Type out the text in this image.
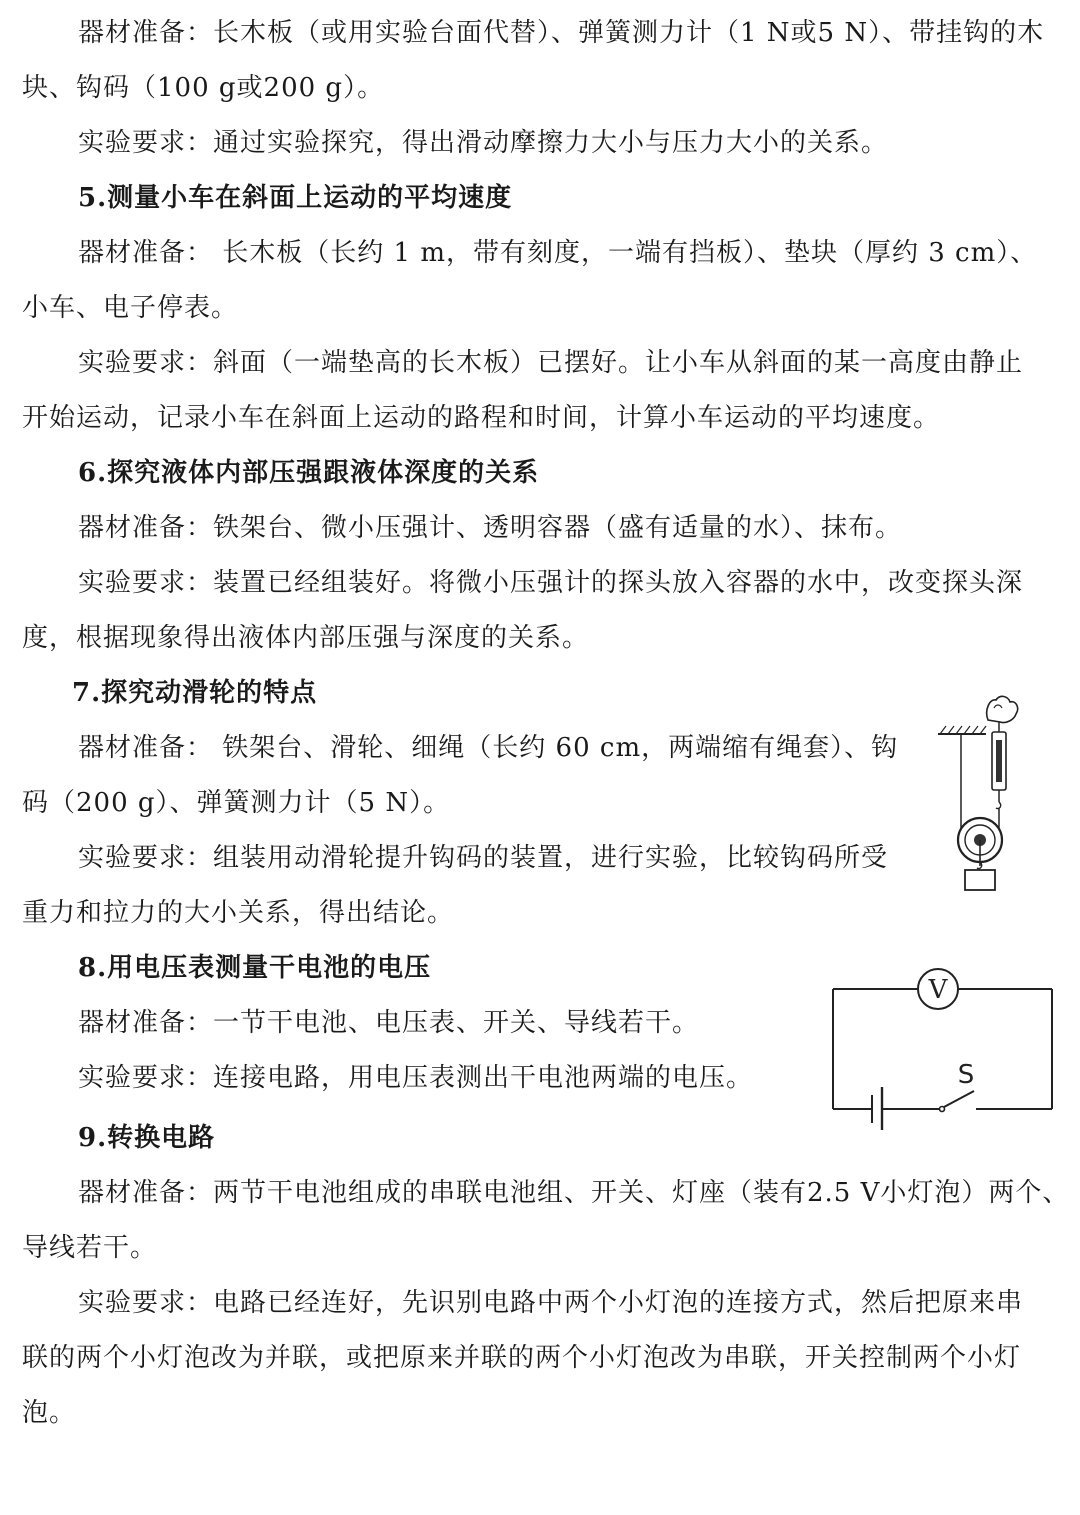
器材准备：长木板（或用实验台面代替）、弹簧测力计（1 N或5 N）、带挂钩的木
块、钩码（100 g或200 g）。
实验要求：通过实验探究，得出滑动摩擦力大小与压力大小的关系。
5.测量小车在斜面上运动的平均速度
器材准备： 长木板（长约 1 m，带有刻度，一端有挡板）、垫块（厚约 3 cm）、
小车、电子停表。
实验要求：斜面（一端垫高的长木板）已摆好。让小车从斜面的某一高度由静止
开始运动，记录小车在斜面上运动的路程和时间，计算小车运动的平均速度。
6.探究液体内部压强跟液体深度的关系
器材准备：铁架台、微小压强计、透明容器（盛有适量的水）、抹布。
实验要求：装置已经组装好。将微小压强计的探头放入容器的水中，改变探头深
度，根据现象得出液体内部压强与深度的关系。
7.探究动滑轮的特点
器材准备： 铁架台、滑轮、细绳（长约 60 cm，两端缩有绳套）、钩
码（200 g）、弹簧测力计（5 N）。
实验要求：组装用动滑轮提升钩码的装置，进行实验，比较钩码所受
重力和拉力的大小关系，得出结论。
8.用电压表测量干电池的电压
器材准备：一节干电池、电压表、开关、导线若干。
实验要求：连接电路，用电压表测出干电池两端的电压。
V
S
9.转换电路
器材准备：两节干电池组成的串联电池组、开关、灯座（装有2.5 V小灯泡）两个、
导线若干。
实验要求：电路已经连好，先识别电路中两个小灯泡的连接方式，然后把原来串
联的两个小灯泡改为并联，或把原来并联的两个小灯泡改为串联，开关控制两个小灯
泡。
